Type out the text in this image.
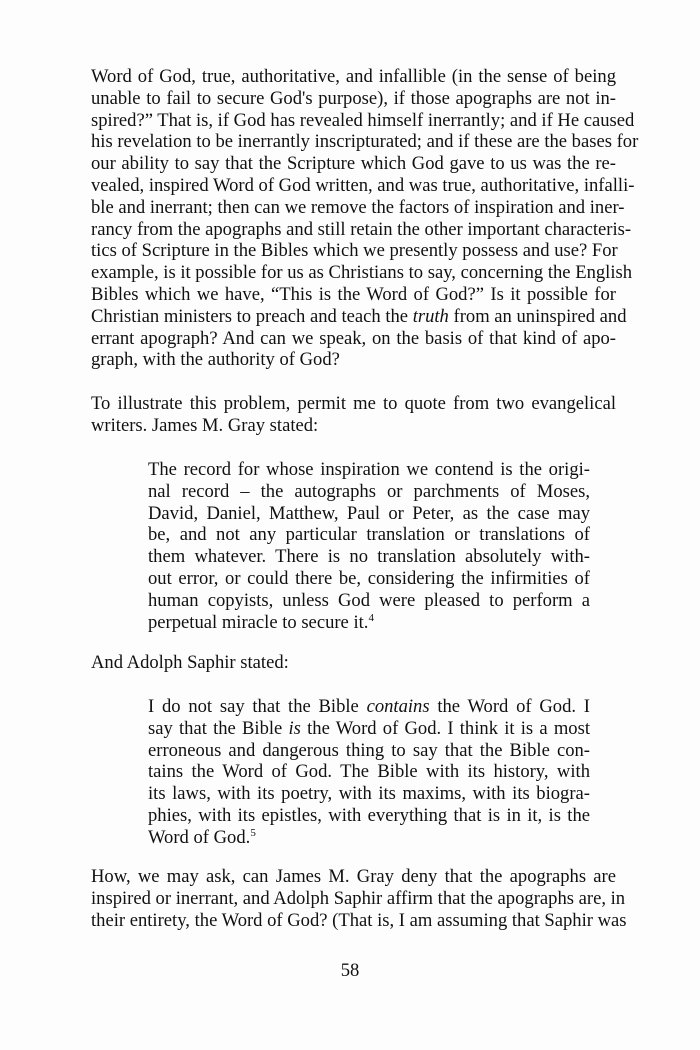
Word of God, true, authoritative, and infallible (in the sense of being
unable to fail to secure God's purpose), if those apographs are not in-
spired?” That is, if God has revealed himself inerrantly; and if He caused
his revelation to be inerrantly inscripturated; and if these are the bases for
our ability to say that the Scripture which God gave to us was the re-
vealed, inspired Word of God written, and was true, authoritative, infalli-
ble and inerrant; then can we remove the factors of inspiration and iner-
rancy from the apographs and still retain the other important characteris-
tics of Scripture in the Bibles which we presently possess and use? For
example, is it possible for us as Christians to say, concerning the English
Bibles which we have, “This is the Word of God?” Is it possible for
Christian ministers to preach and teach the truth from an uninspired and
errant apograph? And can we speak, on the basis of that kind of apo-
graph, with the authority of God?
To illustrate this problem, permit me to quote from two evangelical
writers. James M. Gray stated:
The record for whose inspiration we contend is the origi-
nal record – the autographs or parchments of Moses,
David, Daniel, Matthew, Paul or Peter, as the case may
be, and not any particular translation or translations of
them whatever. There is no translation absolutely with-
out error, or could there be, considering the infirmities of
human copyists, unless God were pleased to perform a
perpetual miracle to secure it.$^4$
And Adolph Saphir stated:
I do not say that the Bible contains the Word of God. I
say that the Bible is the Word of God. I think it is a most
erroneous and dangerous thing to say that the Bible con-
tains the Word of God. The Bible with its history, with
its laws, with its poetry, with its maxims, with its biogra-
phies, with its epistles, with everything that is in it, is the
Word of God.$^5$
How, we may ask, can James M. Gray deny that the apographs are
inspired or inerrant, and Adolph Saphir affirm that the apographs are, in
their entirety, the Word of God? (That is, I am assuming that Saphir was
58
